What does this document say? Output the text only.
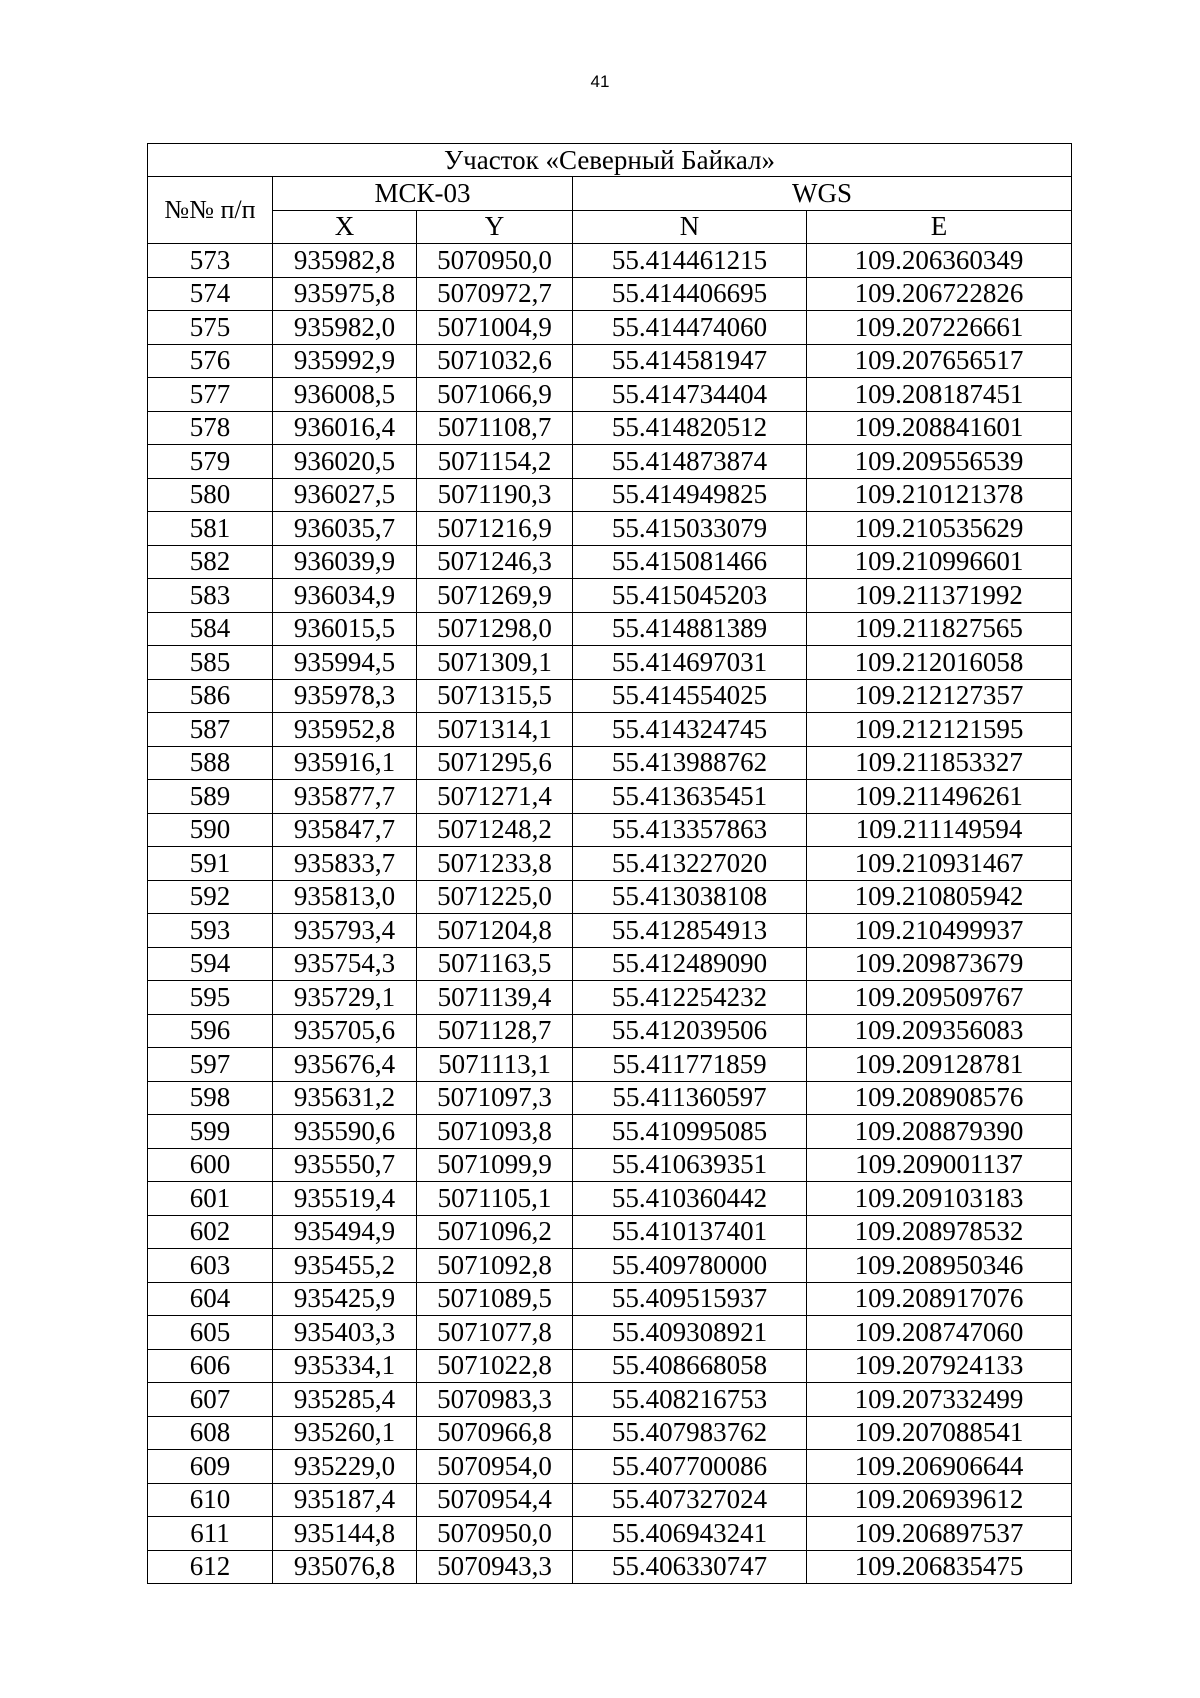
41
Участок «Северный Байкал»				
№№ п/п	МСК-03		WGS	
	X	Y	N	E
573	935982,8	5070950,0	55.414461215	109.206360349
574	935975,8	5070972,7	55.414406695	109.206722826
575	935982,0	5071004,9	55.414474060	109.207226661
576	935992,9	5071032,6	55.414581947	109.207656517
577	936008,5	5071066,9	55.414734404	109.208187451
578	936016,4	5071108,7	55.414820512	109.208841601
579	936020,5	5071154,2	55.414873874	109.209556539
580	936027,5	5071190,3	55.414949825	109.210121378
581	936035,7	5071216,9	55.415033079	109.210535629
582	936039,9	5071246,3	55.415081466	109.210996601
583	936034,9	5071269,9	55.415045203	109.211371992
584	936015,5	5071298,0	55.414881389	109.211827565
585	935994,5	5071309,1	55.414697031	109.212016058
586	935978,3	5071315,5	55.414554025	109.212127357
587	935952,8	5071314,1	55.414324745	109.212121595
588	935916,1	5071295,6	55.413988762	109.211853327
589	935877,7	5071271,4	55.413635451	109.211496261
590	935847,7	5071248,2	55.413357863	109.211149594
591	935833,7	5071233,8	55.413227020	109.210931467
592	935813,0	5071225,0	55.413038108	109.210805942
593	935793,4	5071204,8	55.412854913	109.210499937
594	935754,3	5071163,5	55.412489090	109.209873679
595	935729,1	5071139,4	55.412254232	109.209509767
596	935705,6	5071128,7	55.412039506	109.209356083
597	935676,4	5071113,1	55.411771859	109.209128781
598	935631,2	5071097,3	55.411360597	109.208908576
599	935590,6	5071093,8	55.410995085	109.208879390
600	935550,7	5071099,9	55.410639351	109.209001137
601	935519,4	5071105,1	55.410360442	109.209103183
602	935494,9	5071096,2	55.410137401	109.208978532
603	935455,2	5071092,8	55.409780000	109.208950346
604	935425,9	5071089,5	55.409515937	109.208917076
605	935403,3	5071077,8	55.409308921	109.208747060
606	935334,1	5071022,8	55.408668058	109.207924133
607	935285,4	5070983,3	55.408216753	109.207332499
608	935260,1	5070966,8	55.407983762	109.207088541
609	935229,0	5070954,0	55.407700086	109.206906644
610	935187,4	5070954,4	55.407327024	109.206939612
611	935144,8	5070950,0	55.406943241	109.206897537
612	935076,8	5070943,3	55.406330747	109.206835475
